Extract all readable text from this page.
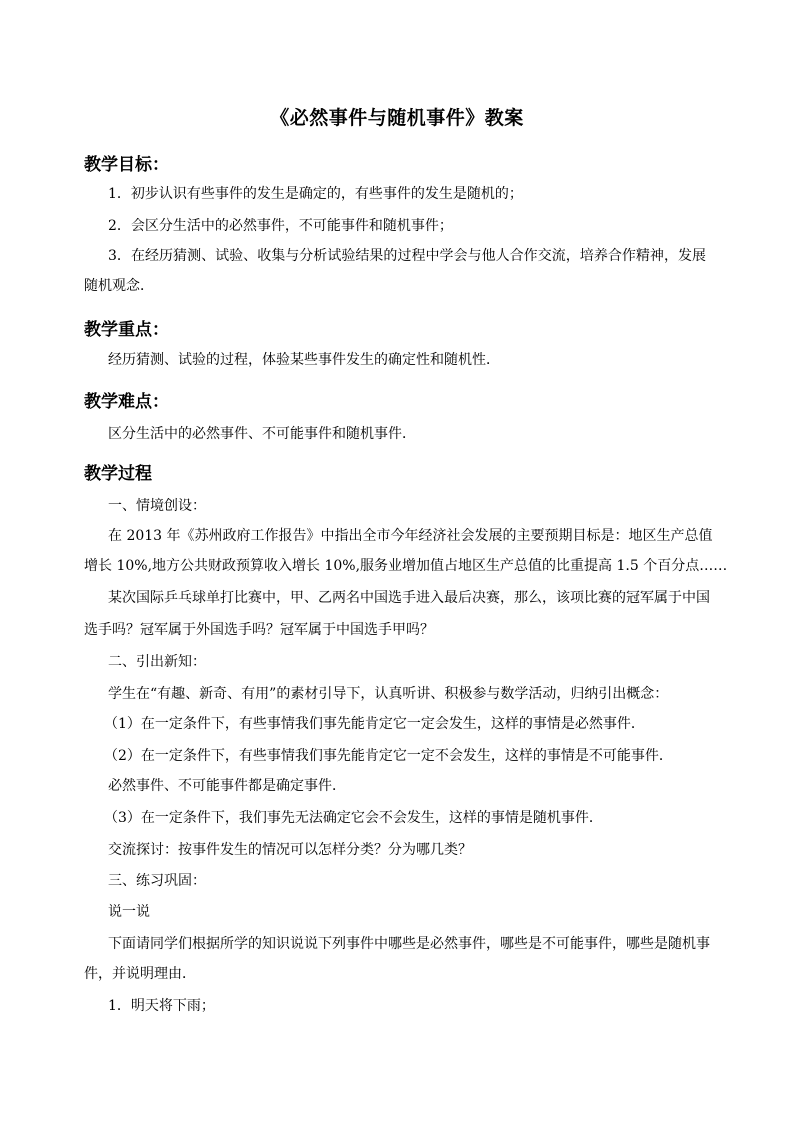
《必然事件与随机事件》教案
教学目标：
1．初步认识有些事件的发生是确定的，有些事件的发生是随机的；
2．会区分生活中的必然事件，不可能事件和随机事件；
3．在经历猜测、试验、收集与分析试验结果的过程中学会与他人合作交流，培养合作精神，发展
随机观念．
教学重点：
经历猜测、试验的过程，体验某些事件发生的确定性和随机性．
教学难点：
区分生活中的必然事件、不可能事件和随机事件．
教学过程
一、情境创设：
在 2013 年《苏州政府工作报告》中指出全市今年经济社会发展的主要预期目标是：地区生产总值
增长 10%,地方公共财政预算收入增长 10%,服务业增加值占地区生产总值的比重提高 1.5 个百分点……
某次国际乒乓球单打比赛中，甲、乙两名中国选手进入最后决赛，那么，该项比赛的冠军属于中国
选手吗？冠军属于外国选手吗？冠军属于中国选手甲吗？
二、引出新知：
学生在“有趣、新奇、有用”的素材引导下，认真听讲、积极参与数学活动，归纳引出概念：
（1）在一定条件下，有些事情我们事先能肯定它一定会发生，这样的事情是必然事件．
（2）在一定条件下，有些事情我们事先能肯定它一定不会发生，这样的事情是不可能事件．
必然事件、不可能事件都是确定事件．
（3）在一定条件下，我们事先无法确定它会不会发生，这样的事情是随机事件．
交流探讨：按事件发生的情况可以怎样分类？分为哪几类？
三、练习巩固：
说一说
下面请同学们根据所学的知识说说下列事件中哪些是必然事件，哪些是不可能事件，哪些是随机事
件，并说明理由．
1．明天将下雨；
